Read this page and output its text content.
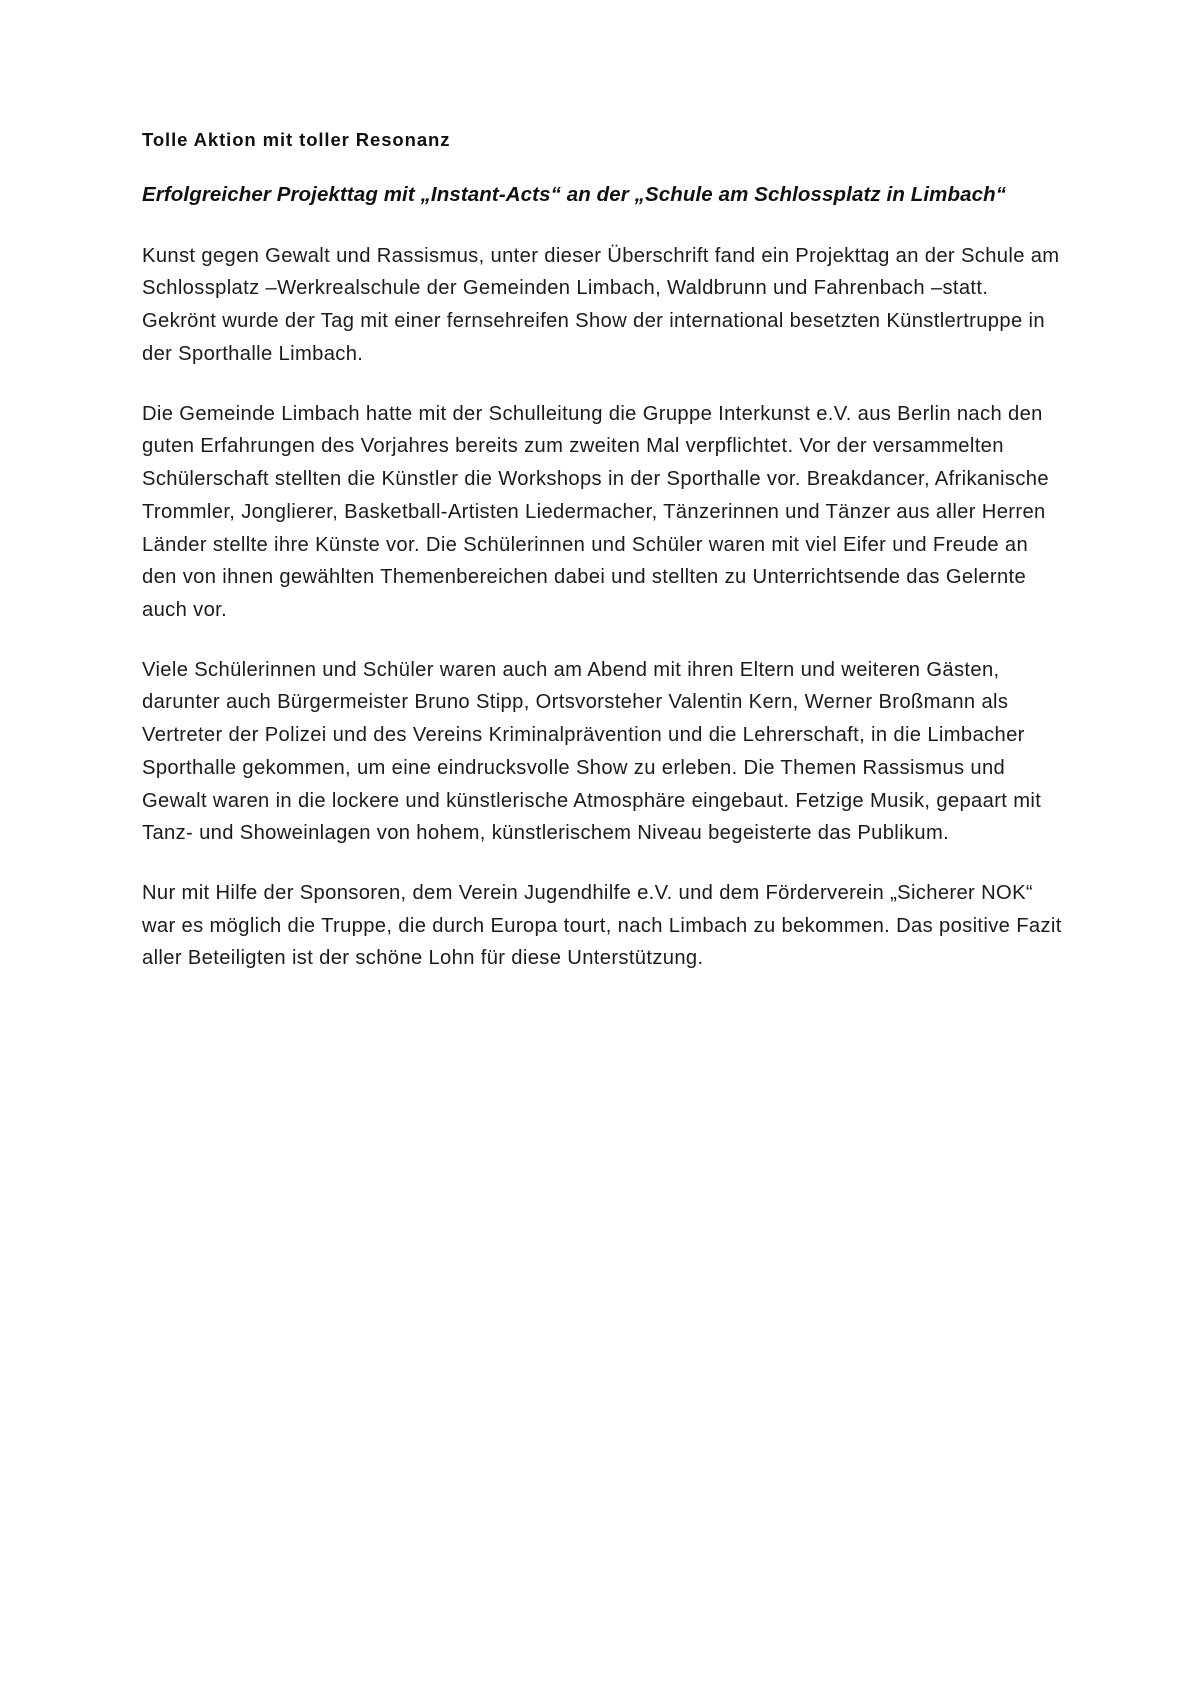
Tolle Aktion mit toller Resonanz
Erfolgreicher Projekttag mit „Instant-Acts“ an der „Schule am Schlossplatz in Limbach“

Kunst gegen Gewalt und Rassismus, unter dieser Überschrift fand ein Projekttag an der Schule am Schlossplatz –Werkrealschule der Gemeinden Limbach, Waldbrunn und Fahrenbach –statt. Gekrönt wurde der Tag mit einer fernsehreifen Show der international besetzten Künstlertruppe in der Sporthalle Limbach.

Die Gemeinde Limbach hatte mit der Schulleitung die Gruppe Interkunst e.V. aus Berlin nach den guten Erfahrungen des Vorjahres bereits zum zweiten Mal verpflichtet. Vor der versammelten Schülerschaft stellten die Künstler die Workshops in der Sporthalle vor. Breakdancer, Afrikanische Trommler, Jonglierer, Basketball-Artisten Liedermacher, Tänzerinnen und Tänzer aus aller Herren Länder stellte ihre Künste vor. Die Schülerinnen und Schüler waren mit viel Eifer und Freude an den von ihnen gewählten Themenbereichen dabei und stellten zu Unterrichtsende das Gelernte auch vor.

Viele Schülerinnen und Schüler waren auch am Abend mit ihren Eltern und weiteren Gästen, darunter auch Bürgermeister Bruno Stipp, Ortsvorsteher Valentin Kern, Werner Broßmann als Vertreter der Polizei und des Vereins Kriminalprävention und die Lehrerschaft, in die Limbacher Sporthalle gekommen, um eine eindrucksvolle Show zu erleben. Die Themen Rassismus und Gewalt waren in die lockere und künstlerische Atmosphäre eingebaut. Fetzige Musik, gepaart mit Tanz- und Showeinlagen von hohem, künstlerischem Niveau begeisterte das Publikum.

Nur mit Hilfe der Sponsoren, dem Verein Jugendhilfe e.V. und dem Förderverein „Sicherer NOK“ war es möglich die Truppe, die durch Europa tourt, nach Limbach zu bekommen. Das positive Fazit aller Beteiligten ist der schöne Lohn für diese Unterstützung.
